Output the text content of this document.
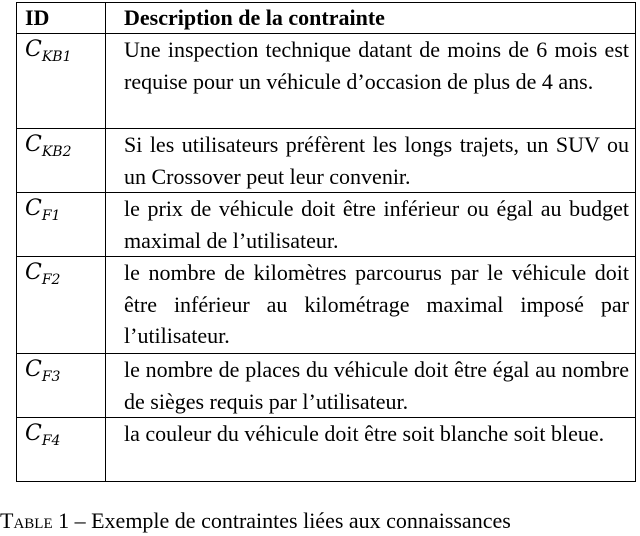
ID	Description de la contrainte
$C_{KB1}$	Une inspection technique datant de moins de 6 mois est requise pour un véhicule d’occasion de plus de 4 ans.
$C_{KB2}$	Si les utilisateurs préfèrent les longs trajets, un SUV ou un Crossover peut leur convenir.
$C_{F1}$	le prix de véhicule doit être inférieur ou égal au budget maximal de l’utilisateur.
$C_{F2}$	le nombre de kilomètres parcourus par le véhicule doit être inférieur au kilométrage maximal imposé par l’utilisateur.
$C_{F3}$	le nombre de places du véhicule doit être égal au nombre de sièges requis par l’utilisateur.
$C_{F4}$	la couleur du véhicule doit être soit blanche soit bleue.
Table 1 – Exemple de contraintes liées aux connaissances
